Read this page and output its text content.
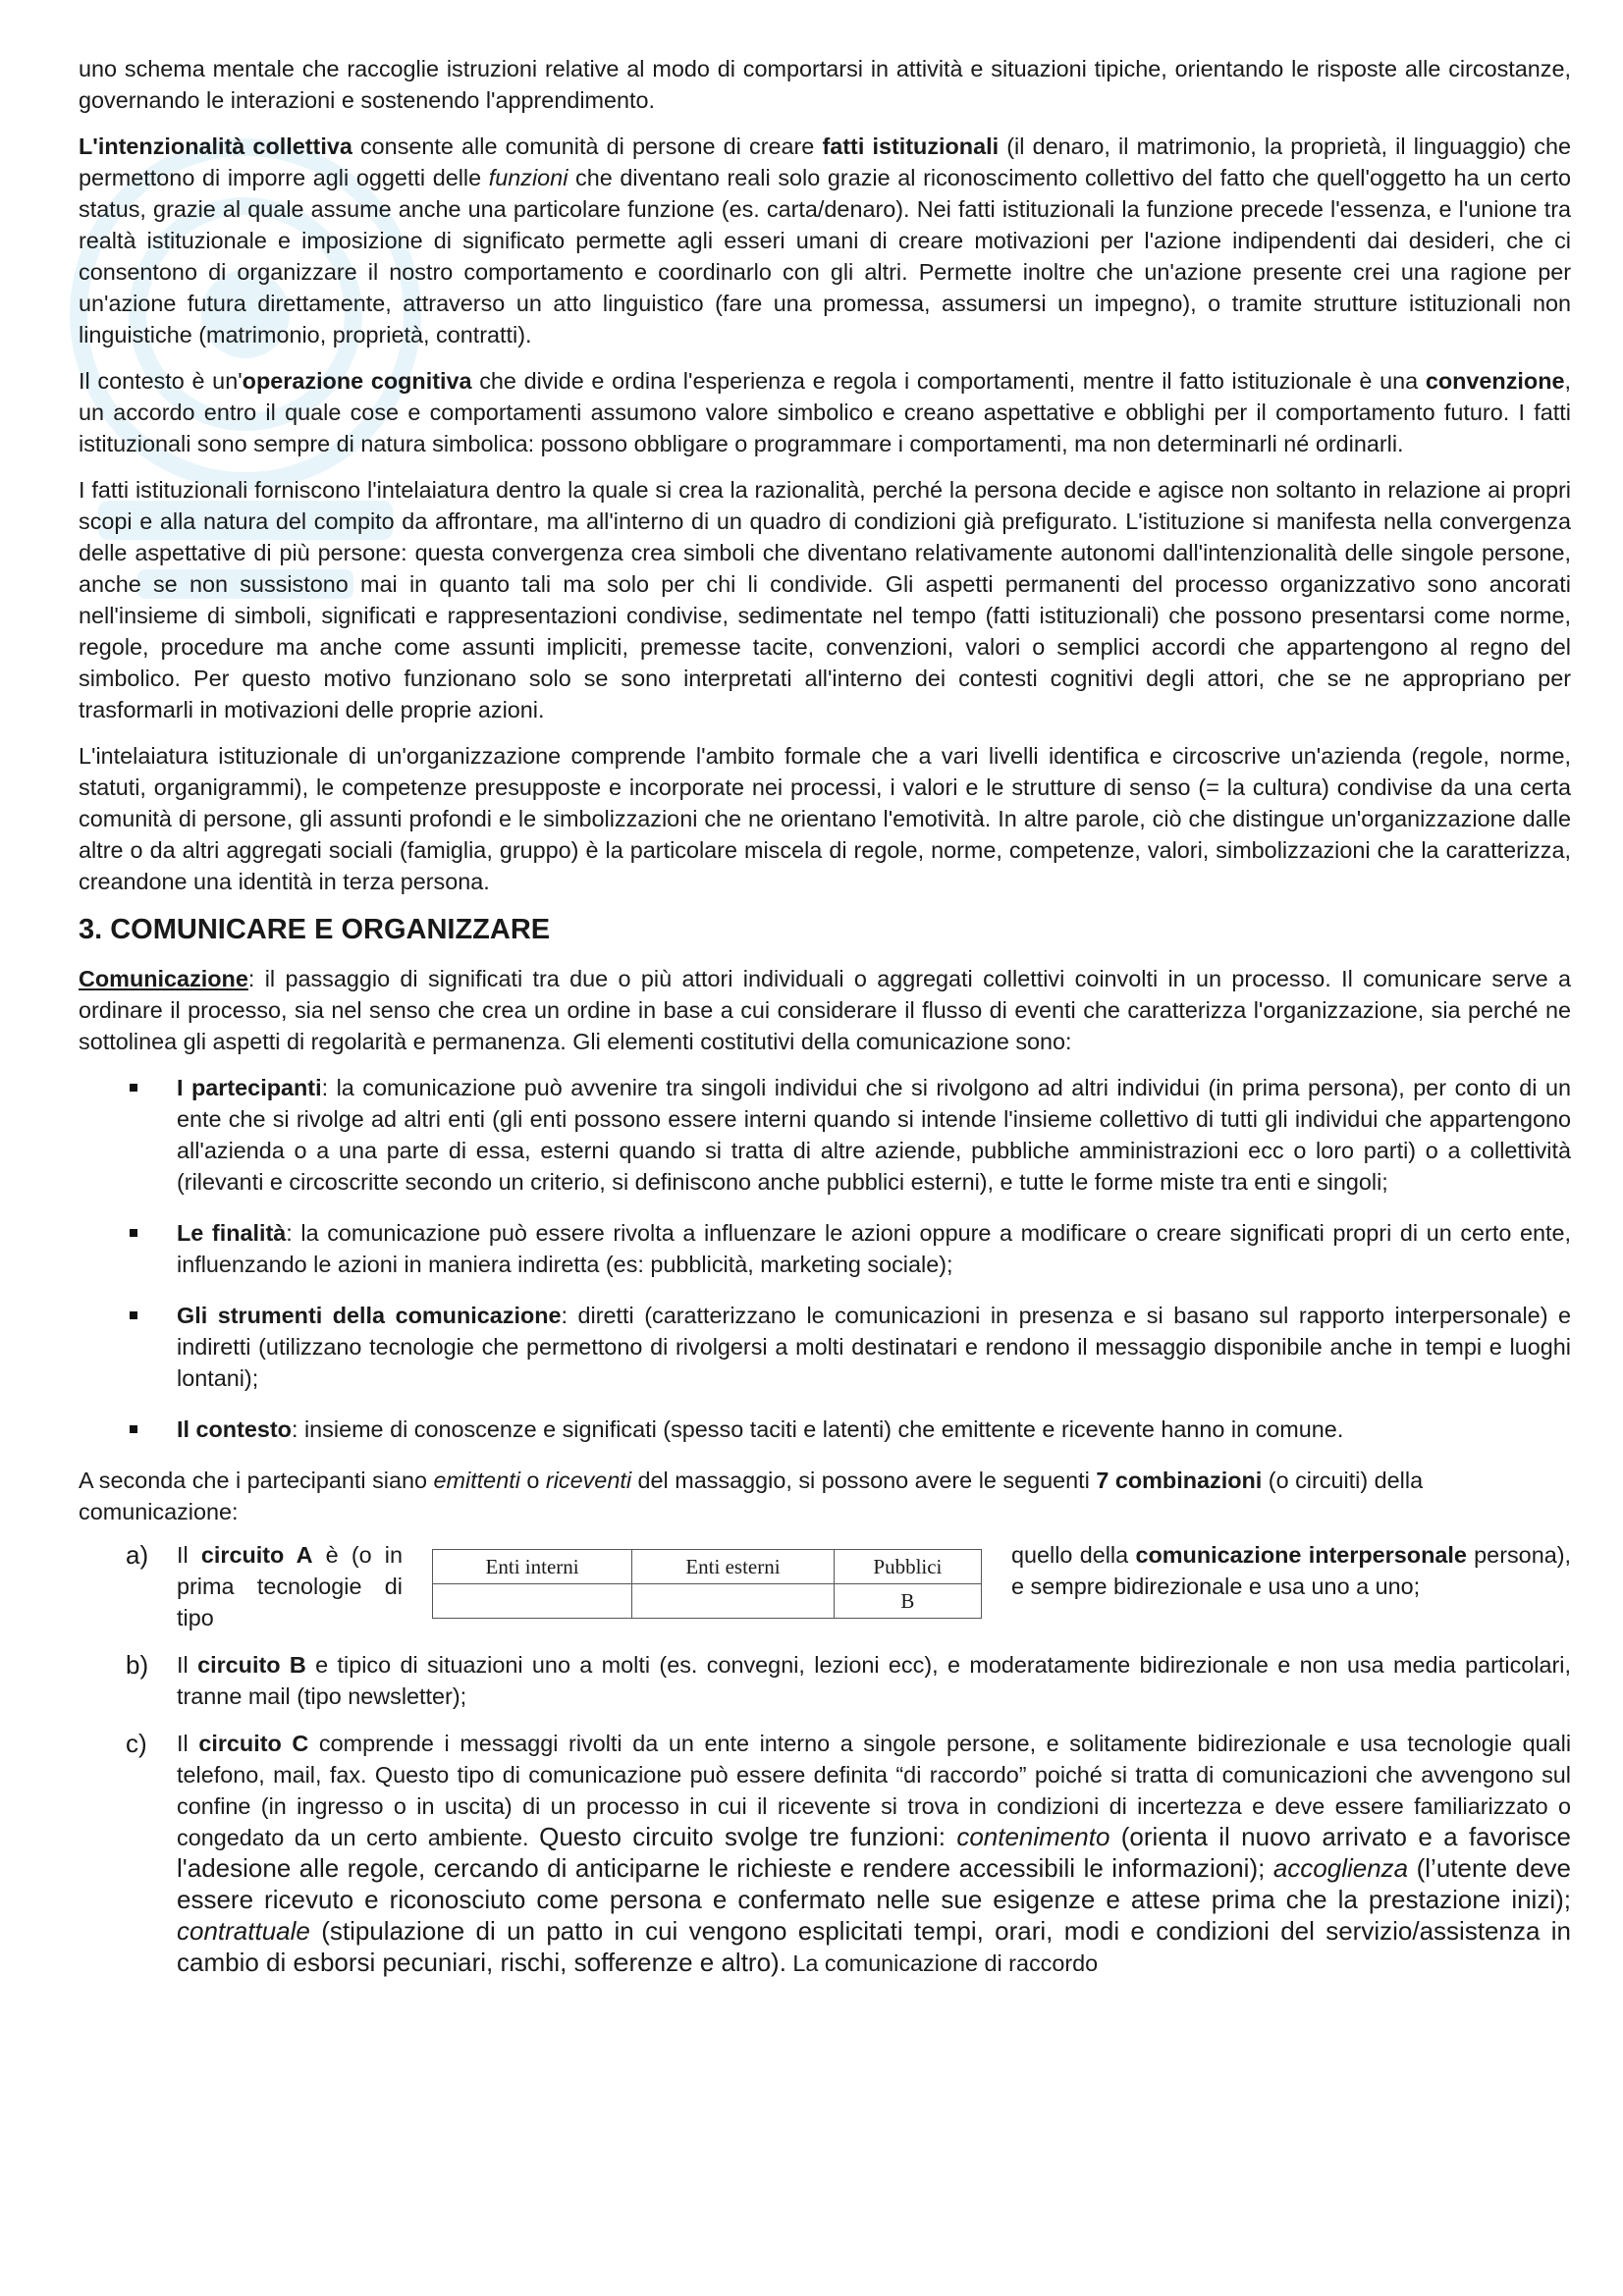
uno schema mentale che raccoglie istruzioni relative al modo di comportarsi in attività e situazioni tipiche, orientando le risposte alle circostanze, governando le interazioni e sostenendo l'apprendimento.

L'intenzionalità collettiva consente alle comunità di persone di creare fatti istituzionali (il denaro, il matrimonio, la proprietà, il linguaggio) che permettono di imporre agli oggetti delle funzioni che diventano reali solo grazie al riconoscimento collettivo del fatto che quell'oggetto ha un certo status, grazie al quale assume anche una particolare funzione (es. carta/denaro). Nei fatti istituzionali la funzione precede l'essenza, e l'unione tra realtà istituzionale e imposizione di significato permette agli esseri umani di creare motivazioni per l'azione indipendenti dai desideri, che ci consentono di organizzare il nostro comportamento e coordinarlo con gli altri. Permette inoltre che un'azione presente crei una ragione per un'azione futura direttamente, attraverso un atto linguistico (fare una promessa, assumersi un impegno), o tramite strutture istituzionali non linguistiche (matrimonio, proprietà, contratti).

Il contesto è un'operazione cognitiva che divide e ordina l'esperienza e regola i comportamenti, mentre il fatto istituzionale è una convenzione, un accordo entro il quale cose e comportamenti assumono valore simbolico e creano aspettative e obblighi per il comportamento futuro. I fatti istituzionali sono sempre di natura simbolica: possono obbligare o programmare i comportamenti, ma non determinarli né ordinarli.

I fatti istituzionali forniscono l'intelaiatura dentro la quale si crea la razionalità, perché la persona decide e agisce non soltanto in relazione ai propri scopi e alla natura del compito da affrontare, ma all'interno di un quadro di condizioni già prefigurato. L'istituzione si manifesta nella convergenza delle aspettative di più persone: questa convergenza crea simboli che diventano relativamente autonomi dall'intenzionalità delle singole persone, anche se non sussistono mai in quanto tali ma solo per chi li condivide. Gli aspetti permanenti del processo organizzativo sono ancorati nell'insieme di simboli, significati e rappresentazioni condivise, sedimentate nel tempo (fatti istituzionali) che possono presentarsi come norme, regole, procedure ma anche come assunti impliciti, premesse tacite, convenzioni, valori o semplici accordi che appartengono al regno del simbolico. Per questo motivo funzionano solo se sono interpretati all'interno dei contesti cognitivi degli attori, che se ne appropriano per trasformarli in motivazioni delle proprie azioni.

L'intelaiatura istituzionale di un'organizzazione comprende l'ambito formale che a vari livelli identifica e circoscrive un'azienda (regole, norme, statuti, organigrammi), le competenze presupposte e incorporate nei processi, i valori e le strutture di senso (= la cultura) condivise da una certa comunità di persone, gli assunti profondi e le simbolizzazioni che ne orientano l'emotività. In altre parole, ciò che distingue un'organizzazione dalle altre o da altri aggregati sociali (famiglia, gruppo) è la particolare miscela di regole, norme, competenze, valori, simbolizzazioni che la caratterizza, creandone una identità in terza persona.

3. COMUNICARE E ORGANIZZARE

Comunicazione: il passaggio di significati tra due o più attori individuali o aggregati collettivi coinvolti in un processo. Il comunicare serve a ordinare il processo, sia nel senso che crea un ordine in base a cui considerare il flusso di eventi che caratterizza l'organizzazione, sia perché ne sottolinea gli aspetti di regolarità e permanenza. Gli elementi costitutivi della comunicazione sono:

I partecipanti: la comunicazione può avvenire tra singoli individui che si rivolgono ad altri individui (in prima persona), per conto di un ente che si rivolge ad altri enti (gli enti possono essere interni quando si intende l'insieme collettivo di tutti gli individui che appartengono all'azienda o a una parte di essa, esterni quando si tratta di altre aziende, pubbliche amministrazioni ecc o loro parti) o a collettività (rilevanti e circoscritte secondo un criterio, si definiscono anche pubblici esterni), e tutte le forme miste tra enti e singoli;
Le finalità: la comunicazione può essere rivolta a influenzare le azioni oppure a modificare o creare significati propri di un certo ente, influenzando le azioni in maniera indiretta (es: pubblicità, marketing sociale);
Gli strumenti della comunicazione: diretti (caratterizzano le comunicazioni in presenza e si basano sul rapporto interpersonale) e indiretti (utilizzano tecnologie che permettono di rivolgersi a molti destinatari e rendono il messaggio disponibile anche in tempi e luoghi lontani);
Il contesto: insieme di conoscenze e significati (spesso taciti e latenti) che emittente e ricevente hanno in comune.

A seconda che i partecipanti siano emittenti o riceventi del massaggio, si possono avere le seguenti 7 combinazioni (o circuiti) della comunicazione:

a)	Il circuito A è (o in prima tecnologie di tipo
Enti interni	Enti esterni	Pubblici
		B
quello della comunicazione interpersonale persona), e sempre bidirezionale e usa uno a uno;
b)	Il circuito B e tipico di situazioni uno a molti (es. convegni, lezioni ecc), e moderatamente bidirezionale e non usa media particolari, tranne mail (tipo newsletter);
c)	Il circuito C comprende i messaggi rivolti da un ente interno a singole persone, e solitamente bidirezionale e usa tecnologie quali telefono, mail, fax. Questo tipo di comunicazione può essere definita “di raccordo” poiché si tratta di comunicazioni che avvengono sul confine (in ingresso o in uscita) di un processo in cui il ricevente si trova in condizioni di incertezza e deve essere familiarizzato o congedato da un certo ambiente. Questo circuito svolge tre funzioni: contenimento (orienta il nuovo arrivato e a favorisce l'adesione alle regole, cercando di anticiparne le richieste e rendere accessibili le informazioni); accoglienza (l’utente deve essere ricevuto e riconosciuto come persona e confermato nelle sue esigenze e attese prima che la prestazione inizi); contrattuale (stipulazione di un patto in cui vengono esplicitati tempi, orari, modi e condizioni del servizio/assistenza in cambio di esborsi pecuniari, rischi, sofferenze e altro). La comunicazione di raccordo
